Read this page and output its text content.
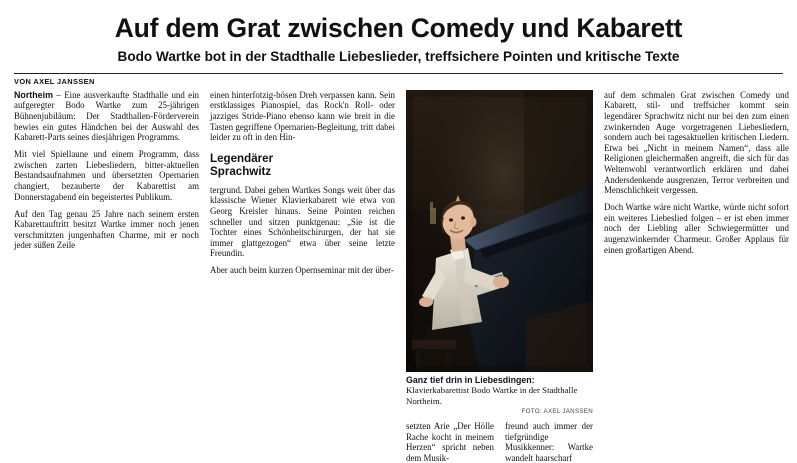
Auf dem Grat zwischen Comedy und Kabarett
Bodo Wartke bot in der Stadthalle Liebeslieder, treffsichere Pointen und kritische Texte
VON AXEL JANSSEN

Northeim – Eine ausverkaufte Stadthalle und ein aufgeregter Bodo Wartke zum 25-jährigen Bühnenjubiläum: Der Stadthallen-Förderverein bewies ein gutes Händchen bei der Auswahl des Kabarett-Parts seines diesjährigen Programms.

Mit viel Spiellaune und einem Programm, dass zwischen zarten Liebesliedern, bitter-aktuellen Bestandsaufnahmen und übersetzten Opernarien changiert, bezauberte der Kabarettist am Donnerstagabend ein begeistertes Publikum.

Auf den Tag genau 25 Jahre nach seinem ersten Kabarettauftritt besitzt Wartke immer noch jenen verschmitzten jungenhaften Charme, mit er noch jeder süßen Zeile

einen hinterfotzig-bösen Dreh verpassen kann. Sein erstklassiges Pianospiel, das Rock'n Roll- oder jazziges Stride-Piano ebenso kann wie breit in die Tasten gegriffene Opernarien-Begleitung, tritt dabei leider zu oft in den Hin-

Legendärer
Sprachwitz

tergrund. Dabei gehen Wartkes Songs weit über das klassische Wiener Klavierkabarett wie etwa von Georg Kreisler hinaus. Seine Pointen reichen schneller und sitzen punktgenau: „Sie ist die Tochter eines Schönheitschirurgen, der hat sie immer glattgezogen“ etwa über seine letzte Freundin.

Aber auch beim kurzen Opernseminar mit der über-

Ganz tief drin in Liebesdingen: Klavierkabarettist Bodo Wartke in der Stadthalle Northeim.

FOTO: AXEL JANSSEN

setzten Arie „Der Hölle Rache kocht in meinem Herzen“ spricht neben dem Musik-

freund auch immer der tiefgründige Musikkenner: Wartke wandelt haarscharf

auf dem schmalen Grat zwischen Comedy und Kabarett, stil- und treffsicher kommt sein legendärer Sprachwitz nicht nur bei den zum einen zwinkernden Auge vorgetragenen Liebesliedern, sondern auch bei tagesaktuellen kritischen Liedern. Etwa bei „Nicht in meinem Namen“, dass alle Religionen gleichermaßen angreift, die sich für das Weltenwohl verantwortlich erklären und dabei Andersdenkende ausgrenzen, Terror verbreiten und Menschlichkeit vergessen.

Doch Wartke wäre nicht Wartke, würde nicht sofort ein weiteres Liebeslied folgen – er ist eben immer noch der Liebling aller Schwiegermütter und augenzwinkernder Charmeur. Großer Applaus für einen großartigen Abend.
